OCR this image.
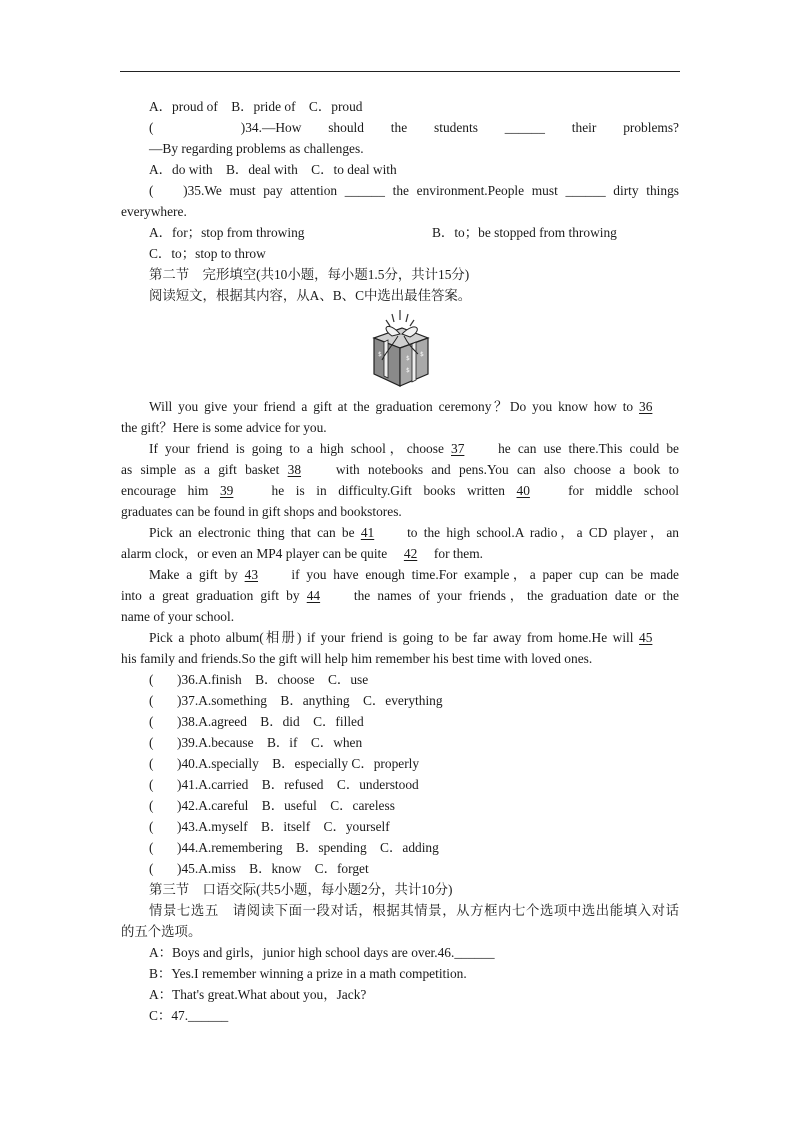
A．proud of　B．pride of　C．proud
(　 )34.—How should the students ______ their problems?
—By regarding problems as challenges.
A．do with　B．deal with　C．to deal with
(　 )35.We must pay attention ______ the environment.People must ______ dirty things
everywhere.
A．for；stop from throwing	B．to；be stopped from throwing
C．to；stop to throw
第二节　完形填空(共10小题，每小题1.5分，共计15分)
阅读短文，根据其内容，从A、B、C中选出最佳答案。
$
$
$
$
Will you give your friend a gift at the graduation ceremony？Do you know how to 36
the gift？Here is some advice for you.
If your friend is going to a high school，choose 37 he can use there.This could be
as simple as a gift basket 38 with notebooks and pens.You can also choose a book to
encourage him 39 he is in difficulty.Gift books written 40 for middle school
graduates can be found in gift shops and bookstores.
Pick an electronic thing that can be 41 to the high school.A radio，a CD player，an
alarm clock，or even an MP4 player can be quite 42 for them.
Make a gift by 43 if you have enough time.For example，a paper cup can be made
into a great graduation gift by 44 the names of your friends，the graduation date or the
name of your school.
Pick a photo album(相册) if your friend is going to be far away from home.He will 45
his family and friends.So the gift will help him remember his best time with loved ones.
( )36.A.finish　B．choose　C．use
( )37.A.something　B．anything　C．everything
( )38.A.agreed　B．did　C．filled
( )39.A.because　B．if　C．when
( )40.A.specially　B．especially C．properly
( )41.A.carried　B．refused　C．understood
( )42.A.careful　B．useful　C．careless
( )43.A.myself　B．itself　C．yourself
( )44.A.remembering　B．spending　C．adding
( )45.A.miss　B．know　C．forget
第三节　口语交际(共5小题，每小题2分，共计10分)
情景七选五　请阅读下面一段对话，根据其情景，从方框内七个选项中选出能填入对话
的五个选项。
A：Boys and girls，junior high school days are over.46.______
B：Yes.I remember winning a prize in a math competition.
A：That's great.What about you，Jack?
C：47.______
